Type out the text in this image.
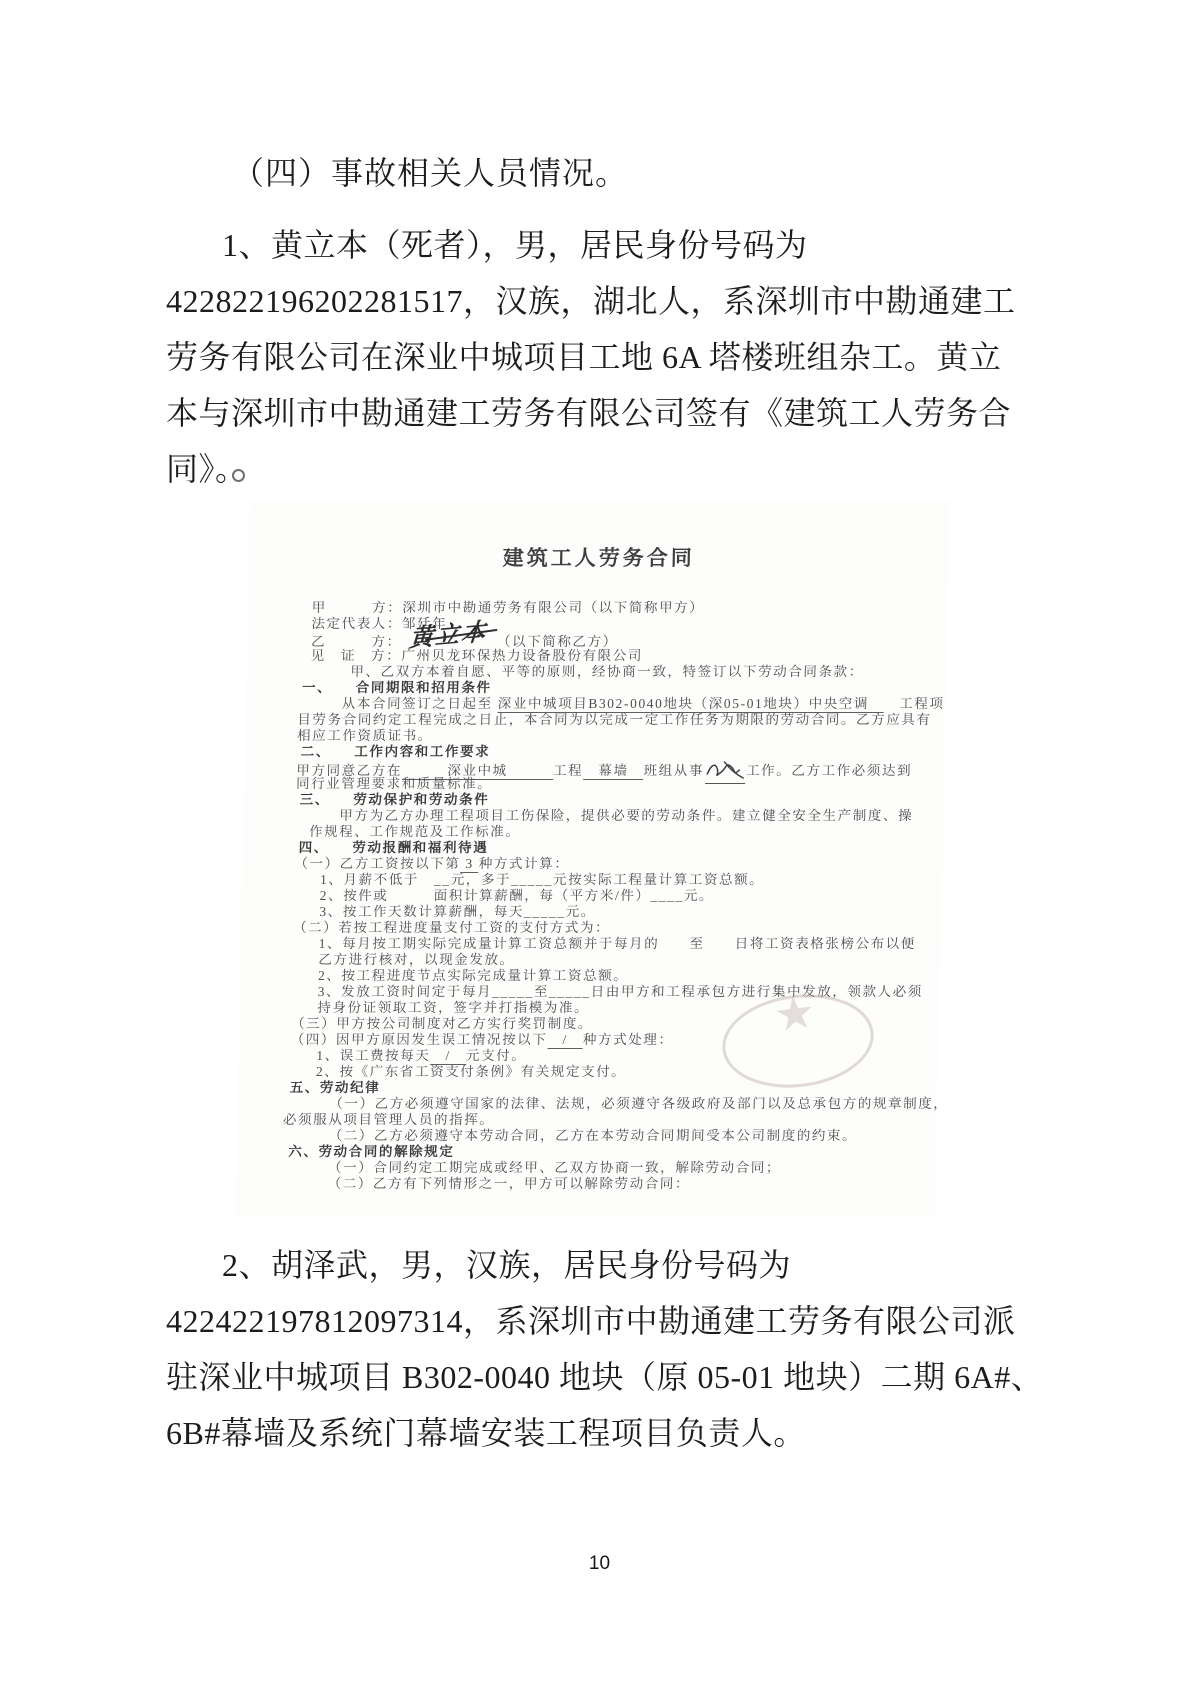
（四）事故相关人员情况。
1、黄立本（死者），男，居民身份号码为
422822196202281517，汉族，湖北人，系深圳市中勘通建工
劳务有限公司在深业中城项目工地 6A 塔楼班组杂工。黄立
本与深圳市中勘通建工劳务有限公司签有《建筑工人劳务合
同》。
建筑工人劳务合同
甲　　　方：深圳市中勘通劳务有限公司（以下简称甲方）
法定代表人：邹廷年
乙　　　方： 黄立本　（以下简称乙方）
见　证　方：广州贝龙环保热力设备股份有限公司
甲、乙双方本着自愿、平等的原则，经协商一致，特签订以下劳动合同条款：
一、　　合同期限和招用条件
从本合同签订之日起至 深业中城项目B302-0040地块（深05-01地块）中央空调　　工程项
目劳务合同约定工程完成之日止，本合同为以完成一定工作任务为期限的劳动合同。乙方应具有
相应工作资质证书。
二、　　工作内容和工作要求
甲方同意乙方在　　　深业中城　　　工程　幕墙　班组从事	工作。乙方工作必须达到
同行业管理要求和质量标准。
三、　　劳动保护和劳动条件
甲方为乙方办理工程项目工伤保险，提供必要的劳动条件。建立健全安全生产制度、操
作规程、工作规范及工作标准。
四、　　劳动报酬和福利待遇
（一）乙方工资按以下第 3 种方式计算：
1、月薪不低于　__元，多于_____元按实际工程量计算工资总额。
2、按件或　　　面积计算薪酬，每（平方米/件）____元。
3、按工作天数计算薪酬，每天_____元。
（二）若按工程进度量支付工资的支付方式为：
1、每月按工期实际完成量计算工资总额并于每月的　　至　　日将工资表格张榜公布以便
乙方进行核对，以现金发放。
2、按工程进度节点实际完成量计算工资总额。
3、发放工资时间定于每月_____至_____日由甲方和工程承包方进行集中发放，领款人必须
持身份证领取工资，签字并打指模为准。
（三）甲方按公司制度对乙方实行奖罚制度。
（四）因甲方原因发生误工情况按以下　/　种方式处理：
1、误工费按每天　/　元支付。
2、按《广东省工资支付条例》有关规定支付。
五、劳动纪律
（一）乙方必须遵守国家的法律、法规，必须遵守各级政府及部门以及总承包方的规章制度，
必须服从项目管理人员的指挥。
（二）乙方必须遵守本劳动合同，乙方在本劳动合同期间受本公司制度的约束。
六、劳动合同的解除规定
（一）合同约定工期完成或经甲、乙双方协商一致，解除劳动合同；
（二）乙方有下列情形之一，甲方可以解除劳动合同：
★
2、胡泽武，男，汉族，居民身份号码为
422422197812097314，系深圳市中勘通建工劳务有限公司派
驻深业中城项目 B302-0040 地块（原 05-01 地块）二期 6A#、
6B#幕墙及系统门幕墙安装工程项目负责人。
10
